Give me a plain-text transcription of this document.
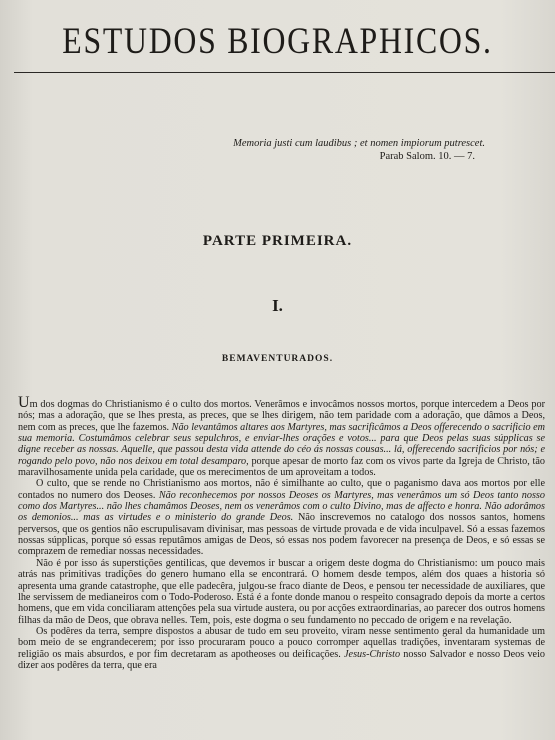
ESTUDOS BIOGRAPHICOS.
Memoria justi cum laudibus ; et nomen impiorum putrescet.
Parab Salom. 10. — 7.
PARTE PRIMEIRA.
I.
BEMAVENTURADOS.

Um dos dogmas do Christianismo é o culto dos mortos. Venerâmos e invocâmos nossos mortos, porque intercedem a Deos por nós; mas a adoração, que se lhes presta, as preces, que se lhes dirigem, não tem paridade com a adoração, que dâmos a Deos, nem com as preces, que lhe fazemos. Não levantâmos altares aos Martyres, mas sacrificâmos a Deos offerecendo o sacrificio em sua memoria. Costumâmos celebrar seus sepulchros, e enviar-lhes orações e votos... para que Deos pelas suas súpplicas se digne receber as nossas. Aquelle, que passou desta vida attende do céo ás nossas cousas... lá, offerecendo sacrificios por nós; e rogando pelo povo, não nos deixou em total desamparo, porque apesar de morto faz com os vivos parte da Igreja de Christo, tão maravilhosamente unida pela caridade, que os merecimentos de um aproveitam a todos.

O culto, que se rende no Christianismo aos mortos, não é similhante ao culto, que o paganismo dava aos mortos por elle contados no numero dos Deoses. Não reconhecemos por nossos Deoses os Martyres, mas venerâmos um só Deos tanto nosso como dos Martyres... não lhes chamâmos Deoses, nem os venerâmos com o culto Divino, mas de affecto e honra. Não adorâmos os demonios... mas as virtudes e o ministerio do grande Deos. Não inscrevemos no catalogo dos nossos santos, homens perversos, que os gentios não escrupulisavam divinisar, mas pessoas de virtude provada e de vida inculpavel. Só a essas fazemos nossas súpplicas, porque só essas reputâmos amigas de Deos, só essas nos podem favorecer na presença de Deos, e só essas se comprazem de remediar nossas necessidades.

Não é por isso ás superstições gentilicas, que devemos ir buscar a origem deste dogma do Christianismo: um pouco mais atrás nas primitivas tradições do genero humano ella se encontrará. O homem desde tempos, além dos quaes a historia só apresenta uma grande catastrophe, que elle padecêra, julgou-se fraco diante de Deos, e pensou ter necessidade de auxiliares, que lhe servissem de medianeiros com o Todo-Poderoso. Está é a fonte donde manou o respeito consagrado depois da morte a certos homens, que em vida conciliaram attenções pela sua virtude austera, ou por acções extraordinarias, ao parecer dos outros homens filhas da mão de Deos, que obrava nelles. Tem, pois, este dogma o seu fundamento no peccado de origem e na revelação.

Os podêres da terra, sempre dispostos a abusar de tudo em seu proveito, viram nesse sentimento geral da humanidade um bom meio de se engrandecerem; por isso procuraram pouco a pouco corromper aquellas tradições, inventaram systemas de religião os mais absurdos, e por fim decretaram as apotheoses ou deificações. Jesus-Christo nosso Salvador e nosso Deos veio dizer aos podêres da terra, que era
